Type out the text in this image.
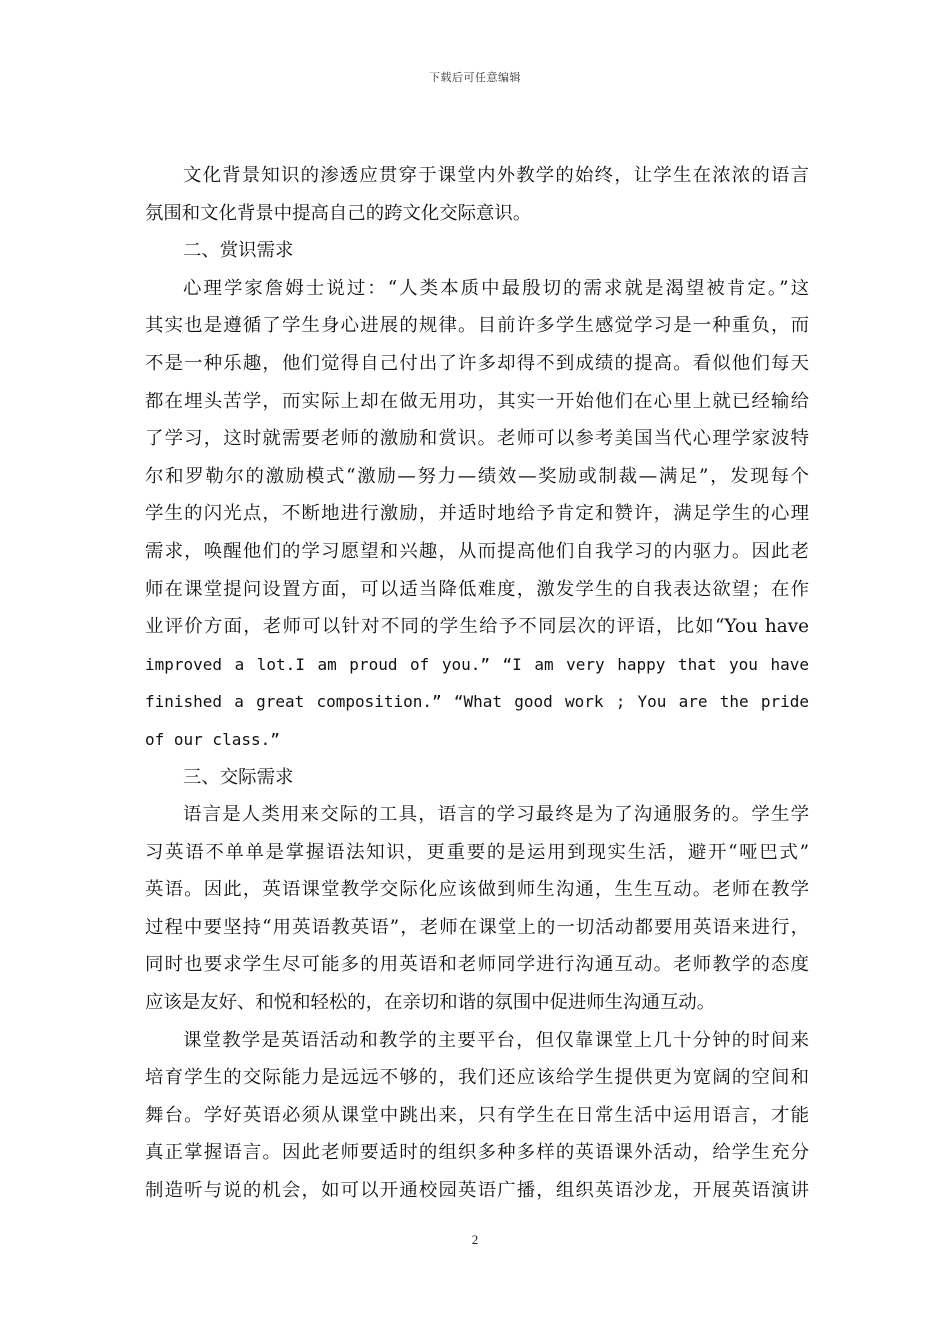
下载后可任意编辑
文化背景知识的渗透应贯穿于课堂内外教学的始终，让学生在浓浓的语言
氛围和文化背景中提高自己的跨文化交际意识。
二、赏识需求
心理学家詹姆士说过：“人类本质中最殷切的需求就是渴望被肯定。”这
其实也是遵循了学生身心进展的规律。目前许多学生感觉学习是一种重负，而
不是一种乐趣，他们觉得自己付出了许多却得不到成绩的提高。看似他们每天
都在埋头苦学，而实际上却在做无用功，其实一开始他们在心里上就已经输给
了学习，这时就需要老师的激励和赏识。老师可以参考美国当代心理学家波特
尔和罗勒尔的激励模式“激励—努力—绩效—奖励或制裁—满足”，发现每个
学生的闪光点，不断地进行激励，并适时地给予肯定和赞许，满足学生的心理
需求，唤醒他们的学习愿望和兴趣，从而提高他们自我学习的内驱力。因此老
师在课堂提问设置方面，可以适当降低难度，激发学生的自我表达欲望；在作
业评价方面，老师可以针对不同的学生给予不同层次的评语，比如“You have
improved a lot.I am proud of you.” “I am very happy that you have
finished a great composition.” “What good work ; You are the pride
of our class.”
三、交际需求
语言是人类用来交际的工具，语言的学习最终是为了沟通服务的。学生学
习英语不单单是掌握语法知识，更重要的是运用到现实生活，避开“哑巴式”
英语。因此，英语课堂教学交际化应该做到师生沟通，生生互动。老师在教学
过程中要坚持“用英语教英语”，老师在课堂上的一切活动都要用英语来进行，
同时也要求学生尽可能多的用英语和老师同学进行沟通互动。老师教学的态度
应该是友好、和悦和轻松的，在亲切和谐的氛围中促进师生沟通互动。
课堂教学是英语活动和教学的主要平台，但仅靠课堂上几十分钟的时间来
培育学生的交际能力是远远不够的，我们还应该给学生提供更为宽阔的空间和
舞台。学好英语必须从课堂中跳出来，只有学生在日常生活中运用语言，才能
真正掌握语言。因此老师要适时的组织多种多样的英语课外活动，给学生充分
制造听与说的机会，如可以开通校园英语广播，组织英语沙龙，开展英语演讲
2
